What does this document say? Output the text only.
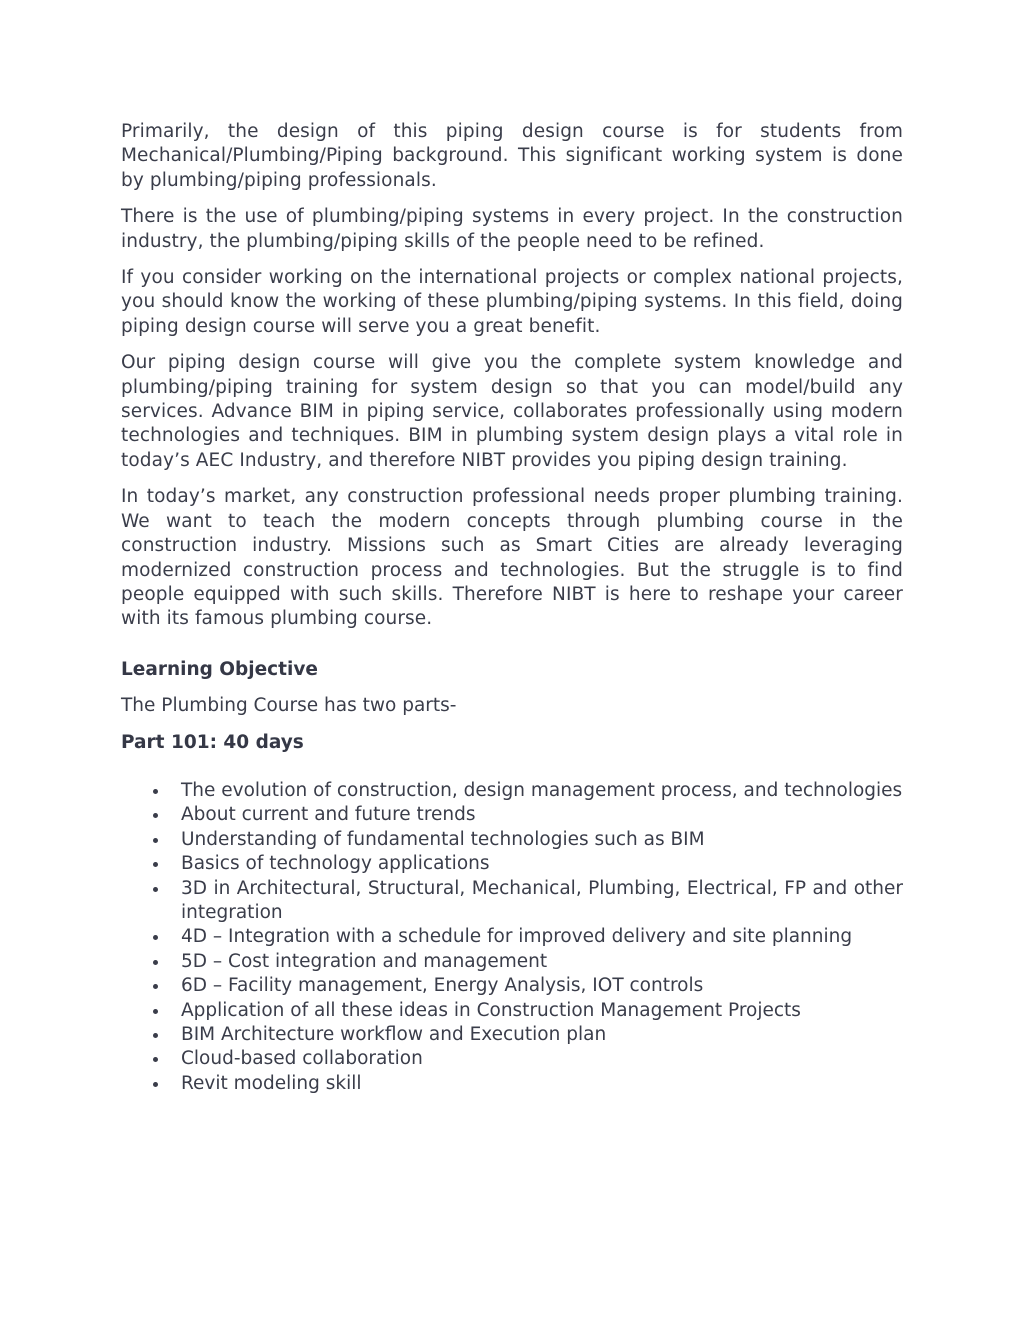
Primarily, the design of this piping design course is for students from Mechanical/Plumbing/Piping background. This significant working system is done by plumbing/piping professionals.

There is the use of plumbing/piping systems in every project. In the construction industry, the plumbing/piping skills of the people need to be refined.

If you consider working on the international projects or complex national projects, you should know the working of these plumbing/piping systems. In this field, doing piping design course will serve you a great benefit.

Our piping design course will give you the complete system knowledge and plumbing/piping training for system design so that you can model/build any services. Advance BIM in piping service, collaborates professionally using modern technologies and techniques. BIM in plumbing system design plays a vital role in today’s AEC Industry, and therefore NIBT provides you piping design training.

In today’s market, any construction professional needs proper plumbing training. We want to teach the modern concepts through plumbing course in the construction industry. Missions such as Smart Cities are already leveraging modernized construction process and technologies. But the struggle is to find people equipped with such skills. Therefore NIBT is here to reshape your career with its famous plumbing course.

Learning Objective

The Plumbing Course has two parts-

Part 101: 40 days

The evolution of construction, design management process, and technologies
About current and future trends
Understanding of fundamental technologies such as BIM
Basics of technology applications
3D in Architectural, Structural, Mechanical, Plumbing, Electrical, FP and other integration
4D – Integration with a schedule for improved delivery and site planning
5D – Cost integration and management
6D – Facility management, Energy Analysis, IOT controls
Application of all these ideas in Construction Management Projects
BIM Architecture workflow and Execution plan
Cloud-based collaboration
Revit modeling skill
